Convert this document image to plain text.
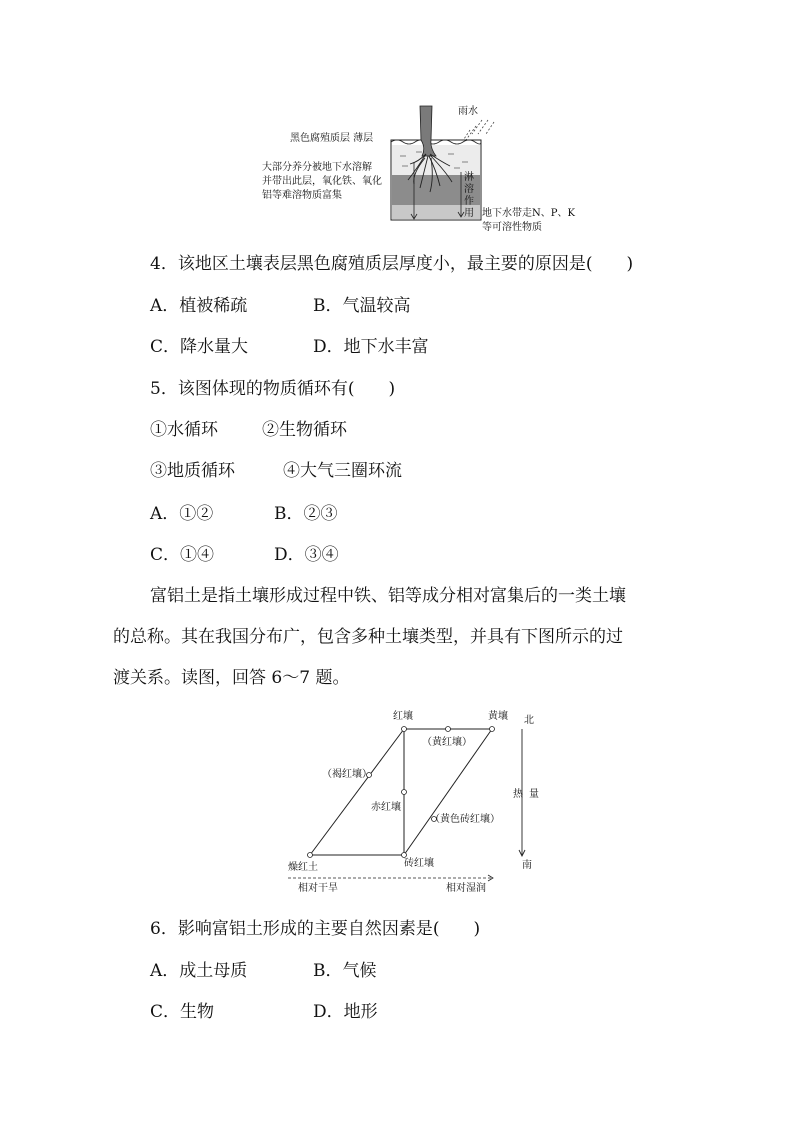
雨水
淋
溶
作
用
黑色腐殖质层 薄层
大部分养分被地下水溶解
并带出此层，氧化铁、氧化
铝等难溶物质富集
地下水带走N、P、K
等可溶性物质
4．该地区土壤表层黑色腐殖质层厚度小，最主要的原因是(　　)
A．植被稀疏	B．气温较高
C．降水量大	D．地下水丰富
5．该图体现的物质循环有(　　)
①水循环	②生物循环
③地质循环	④大气三圈环流
A．①②	B．②③
C．①④	D．③④
富铝土是指土壤形成过程中铁、铝等成分相对富集后的一类土壤
的总称。其在我国分布广，包含多种土壤类型，并具有下图所示的过
渡关系。读图，回答 6～7 题。
红壤	黄壤
（黄红壤）
（褐红壤）
赤红壤
（黄色砖红壤）
燥红土	砖红壤
北
热 量
南
相对干旱	相对湿润
6．影响富铝土形成的主要自然因素是(　　)
A．成土母质	B．气候
C．生物	D．地形
